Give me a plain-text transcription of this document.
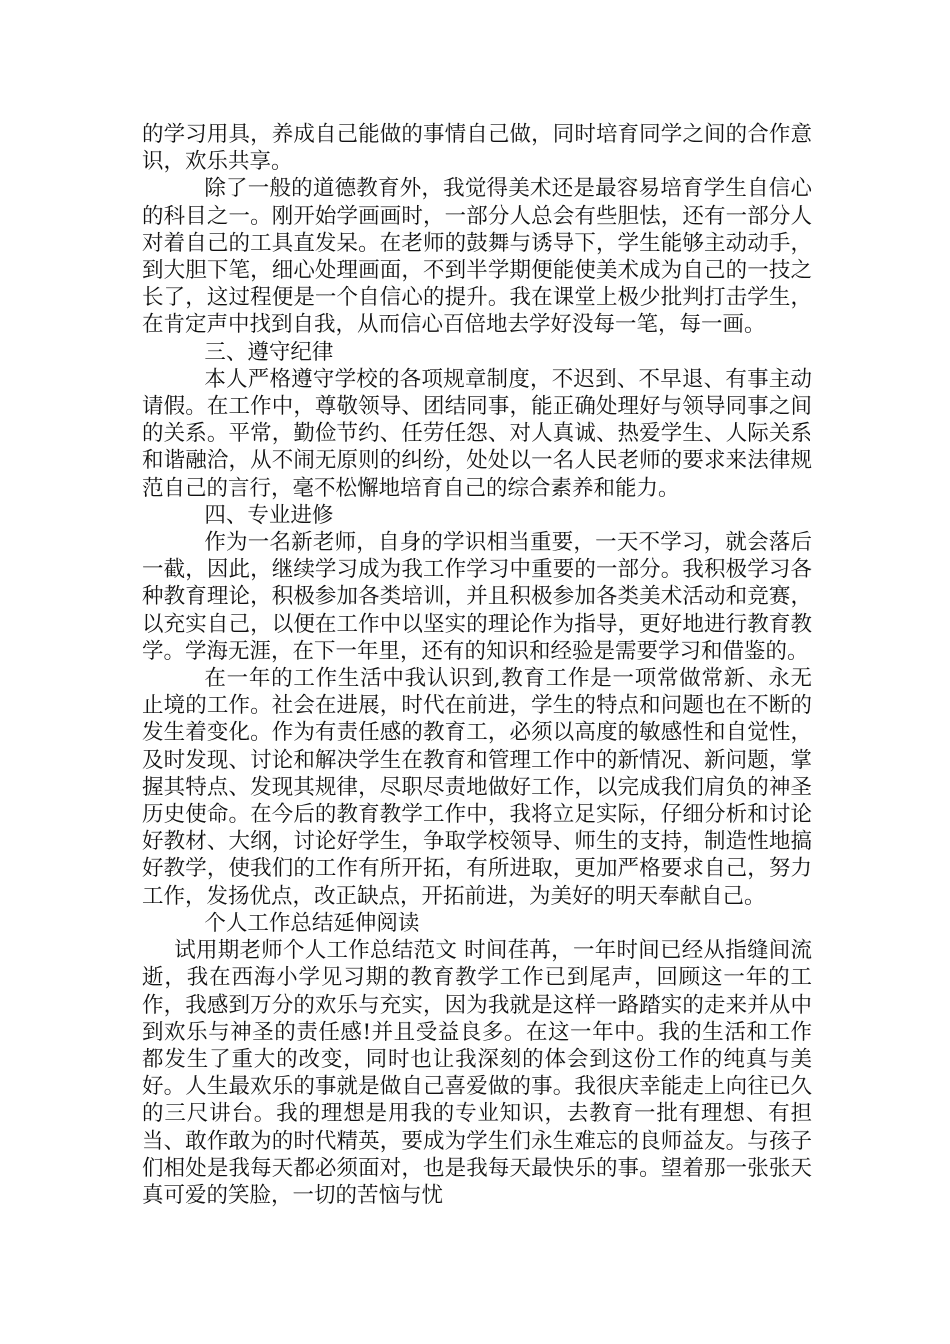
的学习用具，养成自己能做的事情自己做，同时培育同学之间的合作意识，欢乐共享。

除了一般的道德教育外，我觉得美术还是最容易培育学生自信心的科目之一。刚开始学画画时，一部分人总会有些胆怯，还有一部分人对着自己的工具直发呆。在老师的鼓舞与诱导下，学生能够主动动手，到大胆下笔，细心处理画面，不到半学期便能使美术成为自己的一技之长了，这过程便是一个自信心的提升。我在课堂上极少批判打击学生，在肯定声中找到自我，从而信心百倍地去学好没每一笔，每一画。

三、遵守纪律

本人严格遵守学校的各项规章制度，不迟到、不早退、有事主动请假。在工作中，尊敬领导、团结同事，能正确处理好与领导同事之间的关系。平常，勤俭节约、任劳任怨、对人真诚、热爱学生、人际关系和谐融洽，从不闹无原则的纠纷，处处以一名人民老师的要求来法律规范自己的言行，毫不松懈地培育自己的综合素养和能力。

四、专业进修

作为一名新老师，自身的学识相当重要，一天不学习，就会落后一截，因此，继续学习成为我工作学习中重要的一部分。我积极学习各种教育理论，积极参加各类培训，并且积极参加各类美术活动和竞赛，以充实自己，以便在工作中以坚实的理论作为指导，更好地进行教育教学。学海无涯，在下一年里，还有的知识和经验是需要学习和借鉴的。

在一年的工作生活中我认识到,教育工作是一项常做常新、永无止境的工作。社会在进展，时代在前进，学生的特点和问题也在不断的发生着变化。作为有责任感的教育工，必须以高度的敏感性和自觉性，及时发现、讨论和解决学生在教育和管理工作中的新情况、新问题，掌握其特点、发现其规律，尽职尽责地做好工作，以完成我们肩负的神圣历史使命。在今后的教育教学工作中，我将立足实际，仔细分析和讨论好教材、大纲，讨论好学生，争取学校领导、师生的支持，制造性地搞好教学，使我们的工作有所开拓，有所进取，更加严格要求自己，努力工作，发扬优点，改正缺点，开拓前进，为美好的明天奉献自己。

个人工作总结延伸阅读

试用期老师个人工作总结范文 时间荏苒，一年时间已经从指缝间流逝，我在西海小学见习期的教育教学工作已到尾声，回顾这一年的工作，我感到万分的欢乐与充实，因为我就是这样一路踏实的走来并从中到欢乐与神圣的责任感!并且受益良多。在这一年中。我的生活和工作都发生了重大的改变，同时也让我深刻的体会到这份工作的纯真与美好。人生最欢乐的事就是做自己喜爱做的事。我很庆幸能走上向往已久的三尺讲台。我的理想是用我的专业知识，去教育一批有理想、有担当、敢作敢为的时代精英，要成为学生们永生难忘的良师益友。与孩子们相处是我每天都必须面对，也是我每天最快乐的事。望着那一张张天真可爱的笑脸，一切的苦恼与忧
